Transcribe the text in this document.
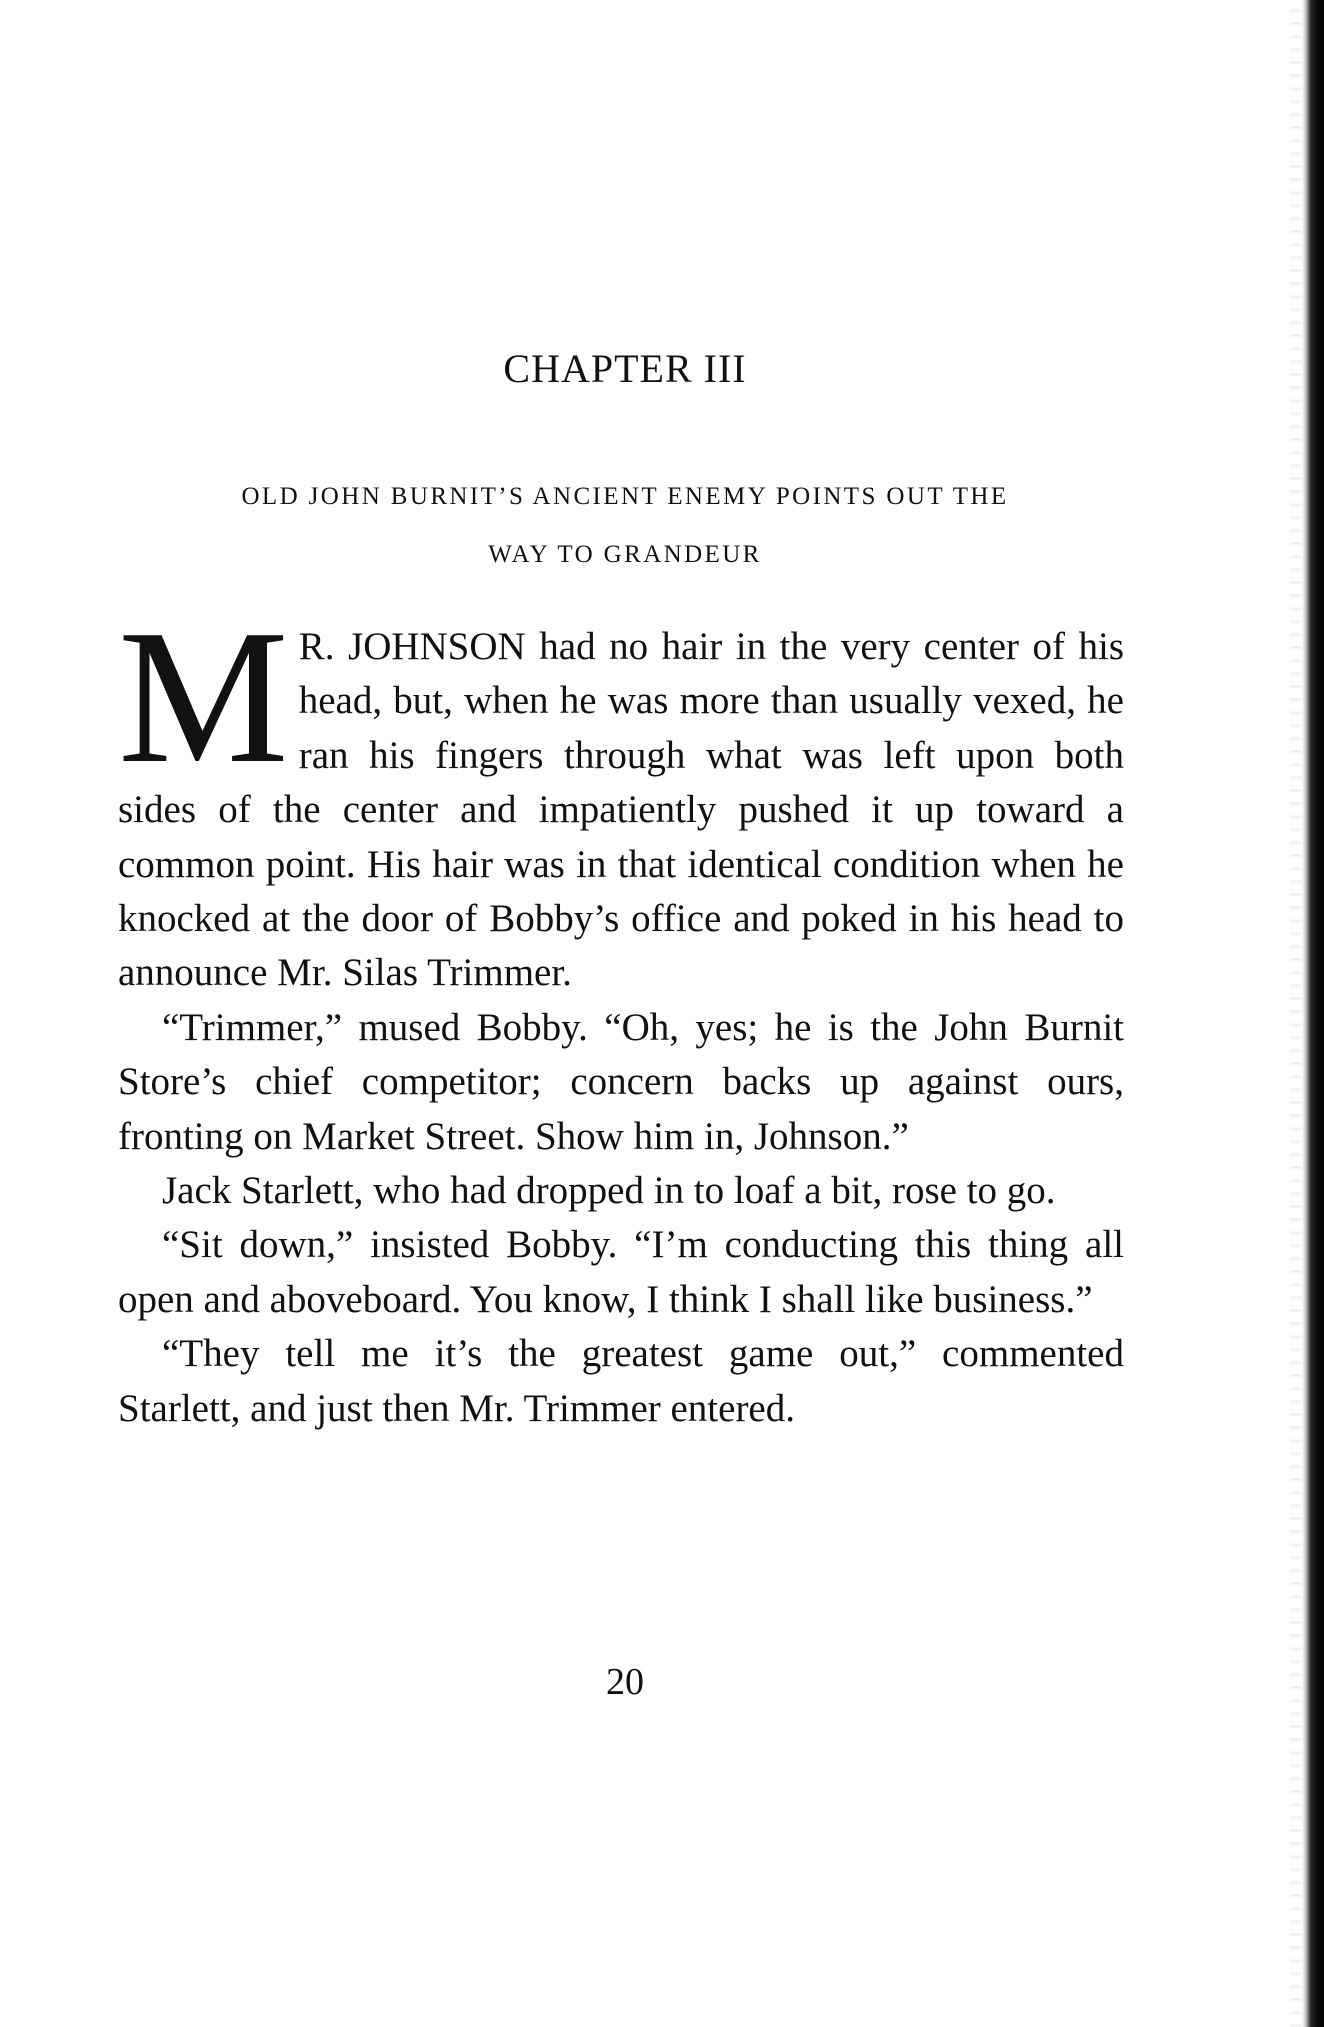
CHAPTER III
OLD JOHN BURNIT’S ANCIENT ENEMY POINTS OUT THE
WAY TO GRANDEUR

M R. JOHNSON had no hair in the very center of his head, but, when he was more than usually vexed, he ran his fingers through what was left upon both sides of the center and impatiently pushed it up toward a common point. His hair was in that identical condition when he knocked at the door of Bobby’s office and poked in his head to announce Mr. Silas Trimmer.

“Trimmer,” mused Bobby. “Oh, yes; he is the John Burnit Store’s chief competitor; concern backs up against ours, fronting on Market Street. Show him in, Johnson.”

Jack Starlett, who had dropped in to loaf a bit, rose to go.

“Sit down,” insisted Bobby. “I’m conducting this thing all open and aboveboard. You know, I think I shall like business.”

“They tell me it’s the greatest game out,” commented Starlett, and just then Mr. Trimmer entered.

20
